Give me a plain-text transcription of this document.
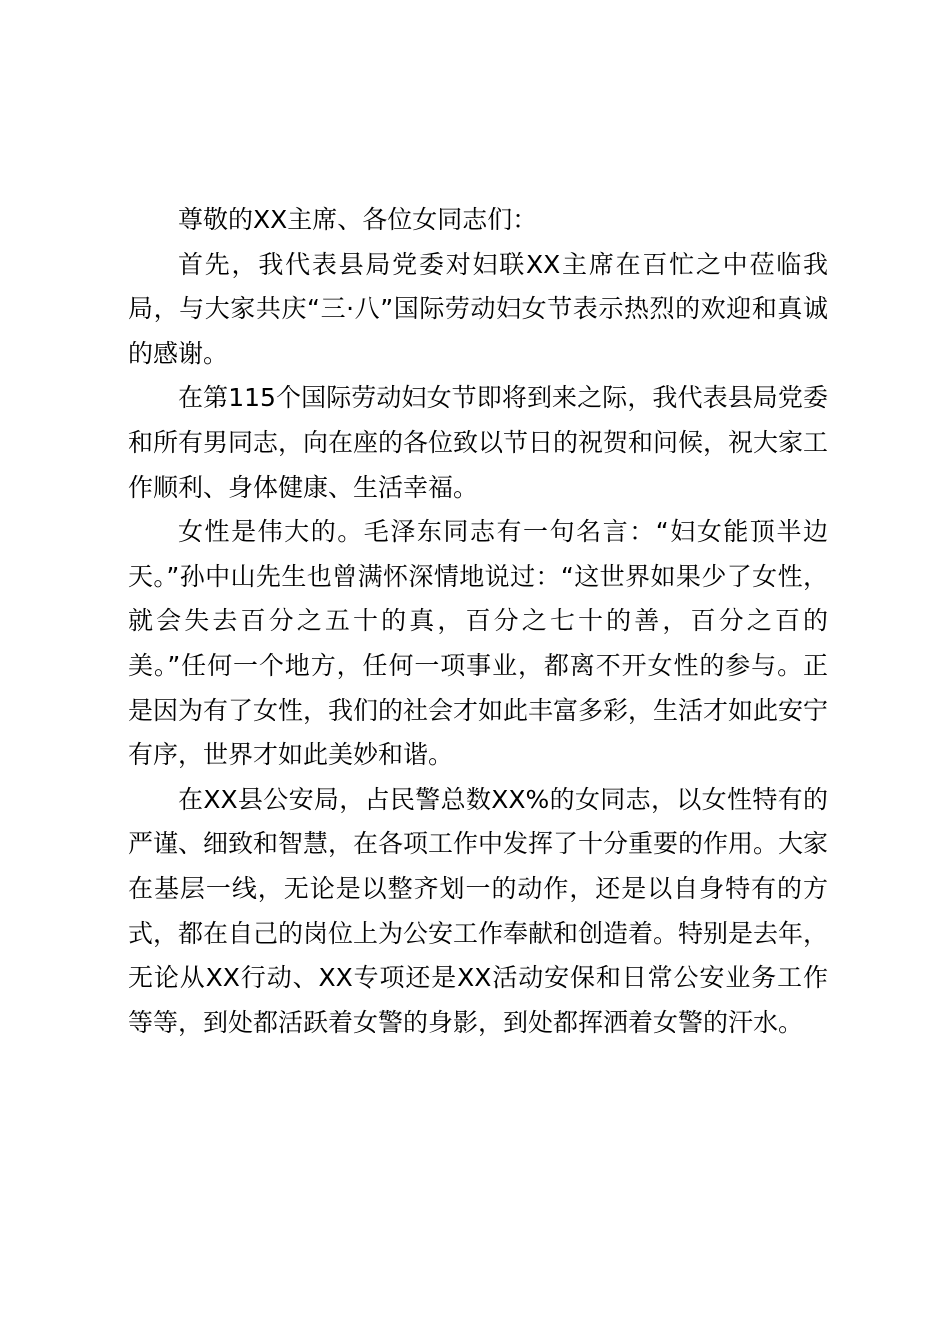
尊敬的XX主席、各位女同志们：

首先，我代表县局党委对妇联XX主席在百忙之中莅临我局，与大家共庆“三·八”国际劳动妇女节表示热烈的欢迎和真诚的感谢。

在第115个国际劳动妇女节即将到来之际，我代表县局党委和所有男同志，向在座的各位致以节日的祝贺和问候，祝大家工作顺利、身体健康、生活幸福。

女性是伟大的。毛泽东同志有一句名言：“妇女能顶半边天。”孙中山先生也曾满怀深情地说过：“这世界如果少了女性，就会失去百分之五十的真，百分之七十的善，百分之百的美。”任何一个地方，任何一项事业，都离不开女性的参与。正是因为有了女性，我们的社会才如此丰富多彩，生活才如此安宁有序，世界才如此美妙和谐。

在XX县公安局，占民警总数XX%的女同志，以女性特有的严谨、细致和智慧，在各项工作中发挥了十分重要的作用。大家在基层一线，无论是以整齐划一的动作，还是以自身特有的方式，都在自己的岗位上为公安工作奉献和创造着。特别是去年，无论从XX行动、XX专项还是XX活动安保和日常公安业务工作等等，到处都活跃着女警的身影，到处都挥洒着女警的汗水。
